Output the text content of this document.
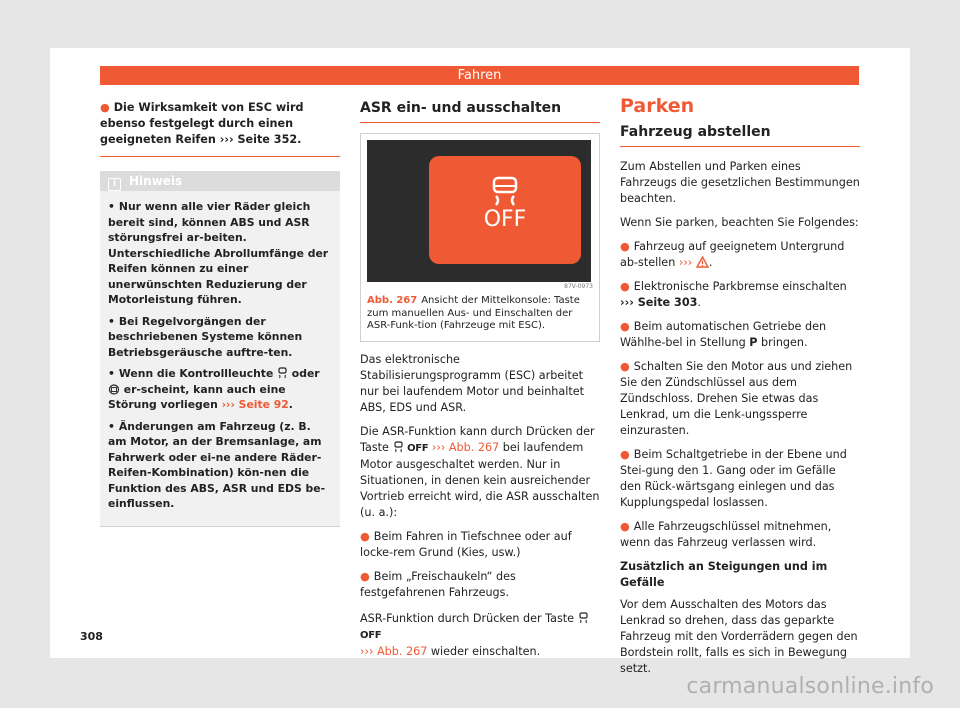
Fahren

● Die Wirksamkeit von ESC wird ebenso festgelegt durch einen geeigneten Reifen ››› Seite 352.

i Hinweis

• Nur wenn alle vier Räder gleich bereit sind, können ABS und ASR störungsfrei ar-beiten. Unterschiedliche Abrollumfänge der Reifen können zu einer unerwünschten Reduzierung der Motorleistung führen.

• Bei Regelvorgängen der beschriebenen Systeme können Betriebsgeräusche auftre-ten.

• Wenn die Kontrollleuchte oder  er-scheint, kann auch eine Störung vorliegen ››› Seite 92.

• Änderungen am Fahrzeug (z. B. am Motor, an der Bremsanlage, am Fahrwerk oder ei-ne andere Räder-Reifen-Kombination) kön-nen die Funktion des ABS, ASR und EDS be-einflussen.

ASR ein- und ausschalten
OFF
87V-0973
Abb. 267 Ansicht der Mittelkonsole: Taste zum manuellen Aus- und Einschalten der ASR-Funk-tion (Fahrzeuge mit ESC).

Das elektronische Stabilisierungsprogramm (ESC) arbeitet nur bei laufendem Motor und beinhaltet ABS, EDS und ASR.

Die ASR-Funktion kann durch Drücken der Taste OFF ››› Abb. 267 bei laufendem Motor ausgeschaltet werden. Nur in Situationen, in denen kein ausreichender Vortrieb erreicht wird, die ASR ausschalten (u. a.):

● Beim Fahren in Tiefschnee oder auf locke-rem Grund (Kies, usw.)

● Beim „Freischaukeln“ des festgefahrenen Fahrzeugs.

ASR-Funktion durch Drücken der Taste  OFF
››› Abb. 267 wieder einschalten.

Parken
Fahrzeug abstellen

Zum Abstellen und Parken eines Fahrzeugs die gesetzlichen Bestimmungen beachten.

Wenn Sie parken, beachten Sie Folgendes:

● Fahrzeug auf geeignetem Untergrund ab-stellen ››› .

● Elektronische Parkbremse einschalten
››› Seite 303.

● Beim automatischen Getriebe den Wählhe-bel in Stellung P bringen.

● Schalten Sie den Motor aus und ziehen Sie den Zündschlüssel aus dem Zündschloss. Drehen Sie etwas das Lenkrad, um die Lenk-ungssperre einzurasten.

● Beim Schaltgetriebe in der Ebene und Stei-gung den 1. Gang oder im Gefälle den Rück-wärtsgang einlegen und das Kupplungspedal loslassen.

● Alle Fahrzeugschlüssel mitnehmen, wenn das Fahrzeug verlassen wird.

Zusätzlich an Steigungen und im Gefälle

Vor dem Ausschalten des Motors das Lenkrad so drehen, dass das geparkte Fahrzeug mit den Vorderrädern gegen den Bordstein rollt, falls es sich in Bewegung setzt.

308
carmanualsonline.info
